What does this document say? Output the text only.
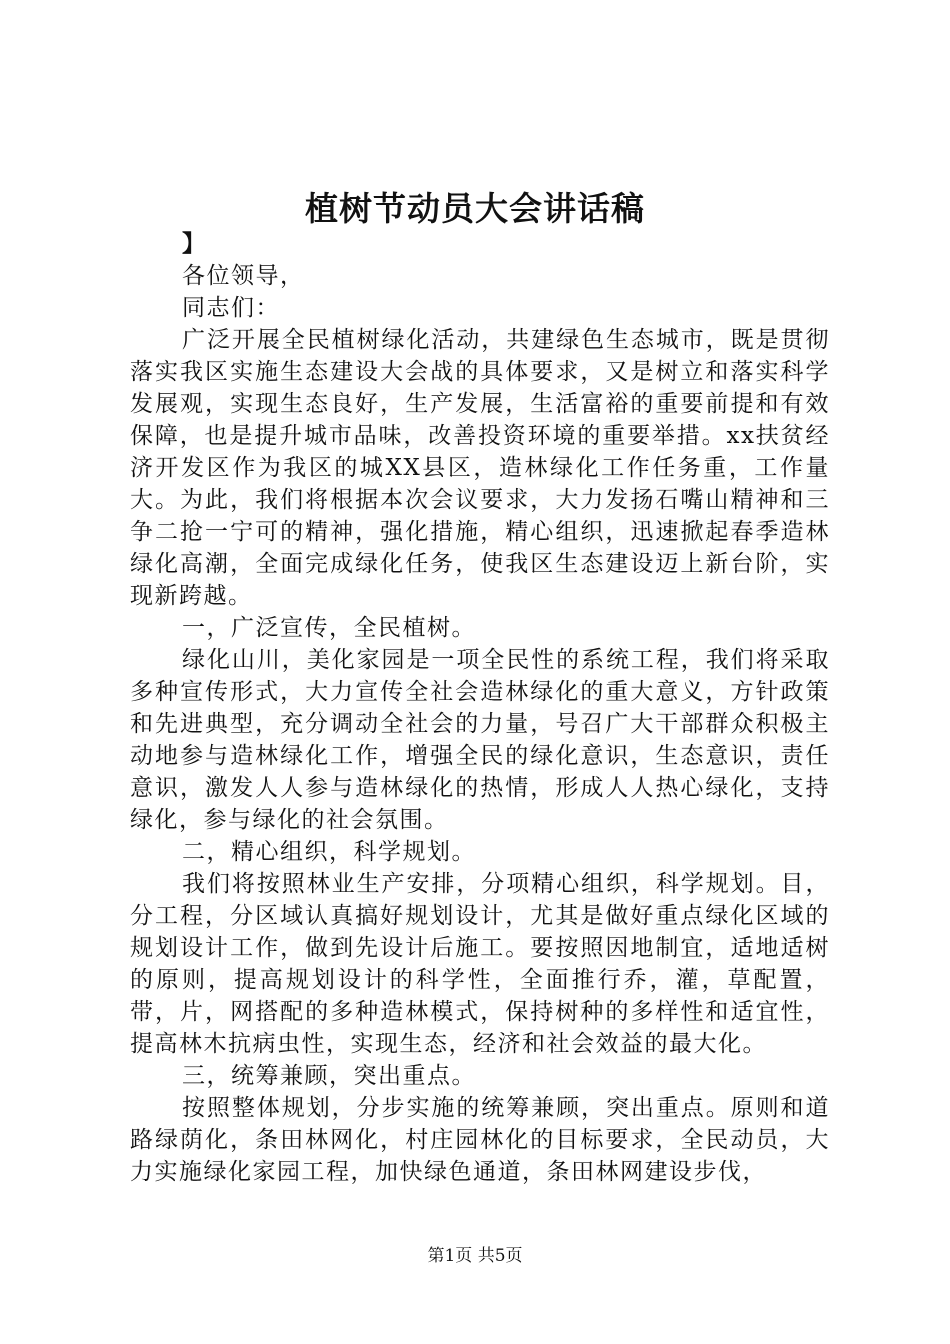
植树节动员大会讲话稿

】

各位领导，

同志们：

广泛开展全民植树绿化活动，共建绿色生态城市，既是贯彻落实我区实施生态建设大会战的具体要求，又是树立和落实科学发展观，实现生态良好，生产发展，生活富裕的重要前提和有效保障，也是提升城市品味，改善投资环境的重要举措。xx扶贫经济开发区作为我区的城XX县区，造林绿化工作任务重，工作量大。为此，我们将根据本次会议要求，大力发扬石嘴山精神和三争二抢一宁可的精神，强化措施，精心组织，迅速掀起春季造林绿化高潮，全面完成绿化任务，使我区生态建设迈上新台阶，实现新跨越。

一，广泛宣传，全民植树。

绿化山川，美化家园是一项全民性的系统工程，我们将采取多种宣传形式，大力宣传全社会造林绿化的重大意义，方针政策和先进典型，充分调动全社会的力量，号召广大干部群众积极主动地参与造林绿化工作，增强全民的绿化意识，生态意识，责任意识，激发人人参与造林绿化的热情，形成人人热心绿化，支持绿化，参与绿化的社会氛围。

二，精心组织，科学规划。

我们将按照林业生产安排，分项精心组织，科学规划。目，分工程，分区域认真搞好规划设计，尤其是做好重点绿化区域的规划设计工作，做到先设计后施工。要按照因地制宜，适地适树的原则，提高规划设计的科学性，全面推行乔，灌，草配置，带，片，网搭配的多种造林模式，保持树种的多样性和适宜性，提高林木抗病虫性，实现生态，经济和社会效益的最大化。

三，统筹兼顾，突出重点。

按照整体规划，分步实施的统筹兼顾，突出重点。原则和道路绿荫化，条田林网化，村庄园林化的目标要求，全民动员，大力实施绿化家园工程，加快绿色通道，条田林网建设步伐，

第1页 共5页
